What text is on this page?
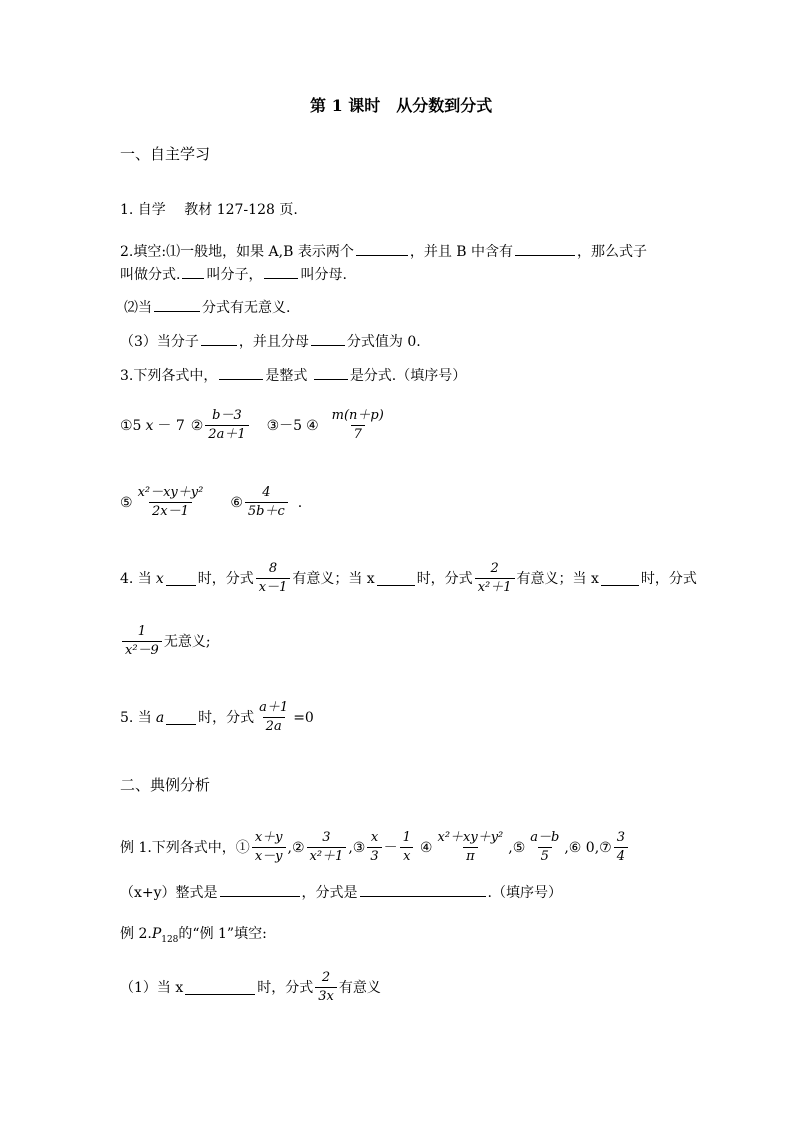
第 1 课时　从分数到分式
一、自主学习
1. 自学　 教材 127-128 页.
2.填空:⑴一般地，如果 A,B 表示两个	，并且 B 中含有	，那么式子
叫做分式. 叫分子，	叫分母.
⑵当	分式有无意义.
（3）当分子	，并且分母	分式值为 0.
3.下列各式中，	是整式	是分式.（填序号）
①5 x － 7 ② $\frac{b-3}{2a+1}$ ③－5 ④ $\frac{m(n+p)}{7}$
⑤ $\frac{\text{x²－xy＋y²}}{2x-1}$ ⑥ $\frac{4}{5b+c}$ .
4. 当 x 时，分式 $\frac{8}{x-1}$ 有意义；当 x	时，分式 $\frac{2}{\text{x²＋1}}$ 有意义；当 x	时，分式
$\frac{1}{\text{x²－9}}$ 无意义;
5. 当 a 时，分式 $\frac{a+1}{2a} =0$
二、典例分析
例 1.下列各式中，① $\frac{x+y}{x-y}$ ,② $\frac{3}{\text{x²＋1}}$ ,③ $\frac{x}{3} - \frac{1}{x}$ ④ $\frac{\text{x²＋xy＋y²}}{\pi}$ ,⑤ $\frac{a-b}{5}$ ,⑥ 0,⑦ $\frac{3}{4}$
（x+y）整式是	，分式是	.（填序号）
例 $2.P_{128}$的“例 1”填空:
（1）当 x	时，分式 $\frac{2}{3x}$ 有意义
